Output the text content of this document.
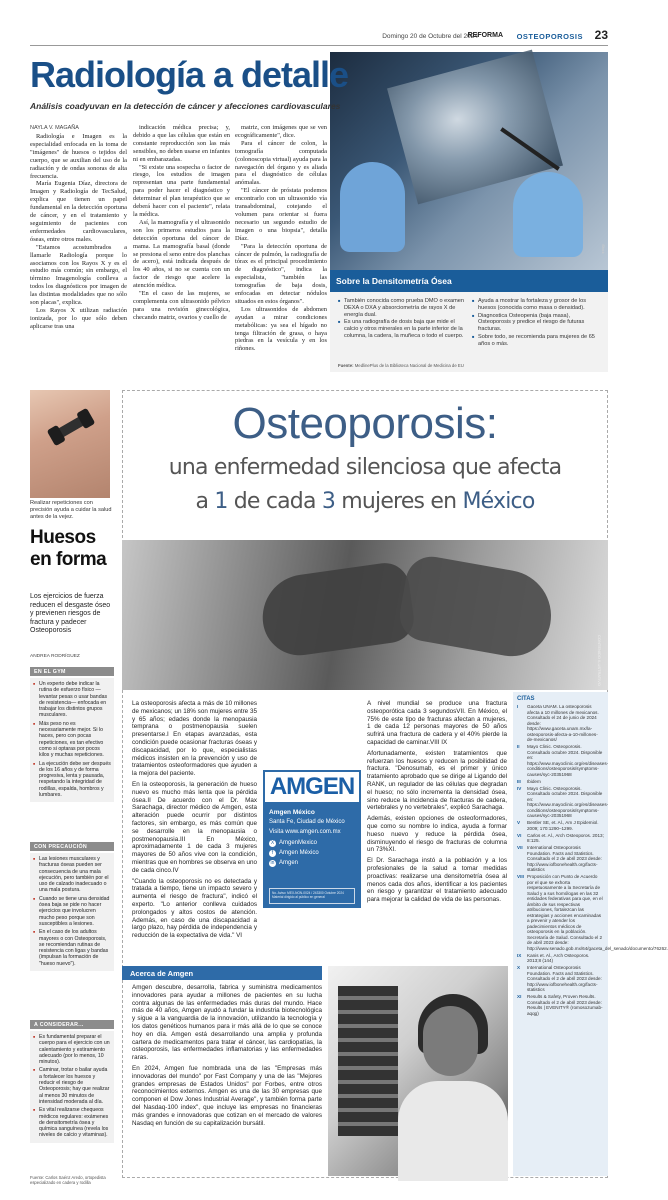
Domingo 20 de Octubre del 2024
REFORMA OSTEOPOROSIS 23
iStock
Radiología a detalle
Análisis coadyuvan en la detección de cáncer y afecciones cardiovasculares
NAYLA V. MAGAÑA

Radiología e Imagen es la especialidad enfocada en la toma de "imágenes" de huesos o tejidos del cuerpo, que se auxilian del uso de la radiación y de ondas sonoras de alta frecuencia.

María Eugenia Díaz, directora de Imagen y Radiología de TecSalud, explica que tienen un papel fundamental en la detección oportuna de cáncer, y en el tratamiento y seguimiento de pacientes con enfermedades cardiovasculares, óseas, entre otros males.

"Estamos acostumbrados a llamarle Radiología porque lo asociamos con los Rayos X y es el estudio más común; sin embargo, el término Imagenología conlleva a todos los diagnósticos por imagen de las distintas modalidades que no sólo son placas", explica.

Los Rayos X utilizan radiación ionizada, por lo que sólo deben aplicarse tras una

indicación médica precisa; y, debido a que las células que están en constante reproducción son las más sensibles, no deben usarse en infantes ni en embarazadas.

"Si existe una sospecha o factor de riesgo, los estudios de imagen representan una parte fundamental para poder hacer el diagnóstico y determinar el plan terapéutico que se deberá hacer con el paciente", relata la médica.

Así, la mamografía y el ultrasonido son los primeros estudios para la detección oportuna del cáncer de mama. La mamografía basal (donde se presiona el seno entre dos planchas de acero), está indicada después de los 40 años, si no se cuenta con un factor de riesgo que acelere la atención médica.

"En el caso de las mujeres, se complementa con ultrasonido pélvico para una revisión ginecológica, checando matriz, ovarios y cuello de

matriz, con imágenes que se ven ecográficamente", dice.

Para el cáncer de colon, la tomografía computada (colonoscopia virtual) ayuda para la navegación del órgano y es aliada para el diagnóstico de células anómalas.

"El cáncer de próstata podemos encontrarlo con un ultrasonido vía transabdominal, cotejando el volumen para orientar si fuera necesario un segundo estudio de imagen o una biopsia", detalla Díaz.

"Para la detección oportuna de cáncer de pulmón, la radiografía de tórax es el principal procedimiento de diagnóstico", indica la especialista, "también las tomografías de baja dosis, enfocadas en detectar nódulos situados en estos órganos".

Los ultrasonidos de abdomen ayudan a mirar condiciones metabólicas: ya sea el hígado no tenga filtración de grasa, o haya piedras en la vesícula y en los riñones.

Sobre la Densitometría Ósea
■ También conocida como prueba DMO o examen DEXA o DXA y absorciometría de rayos X de energía dual.
■ Es una radiografía de dosis baja que mide el calcio y otros minerales en la parte inferior de la columna, la cadera, la muñeca o todo el cuerpo.
■ Ayuda a mostrar la fortaleza y grosor de los huesos (conocida como masa o densidad).
■ Diagnostica Osteopenia (baja masa), Osteoporosis y predice el riesgo de futuras fracturas.
■ Sobre todo, se recomienda para mujeres de 65 años o más.
Fuente: MedlinePlus de la Biblioteca Nacional de Medicina de EU
Realizar repeticiones con precisión ayuda a cuidar la salud antes de la vejez.
Huesos
en forma
Los ejercicios de fuerza reducen el desgaste óseo y previenen riesgos de fractura y padecer Osteoporosis
ANDREA RODRÍGUEZ
EN EL GYM
■ Un experto debe indicar la rutina de esfuerzo físico —levantar pesas o usar bandas de resistencia— enfocada en trabajar los distintos grupos musculares.
■ Más peso no es necesariamente mejor. Si lo haces, pero con pocas repeticiones, es tan efectivo como si optaras por pocos kilos y muchas repeticiones.
■ La ejecución debe ser después de los 16 años y de forma progresiva, lenta y pausada, respetando la integridad de rodillas, espalda, hombros y lumbares.
CON PRECAUCIÓN
■ Las lesiones musculares y fracturas óseas pueden ser consecuencia de una mala ejecución, pero también por el uso de calzado inadecuado o una mala postura.
■ Cuando se tiene una densidad ósea baja se pide no hacer ejercicios que involucren mucho peso porque son susceptibles a lesiones.
■ En el caso de los adultos mayores o con Osteoporosis, se recomiendan rutinas de resistencia con ligas y bandas (impulsan la formación de "hueso nuevo").
A CONSIDERAR...
■ Es fundamental preparar el cuerpo para el ejercicio con un calentamiento y estiramiento adecuado (por lo menos, 10 minutos).
■ Caminar, trotar o bailar ayuda a fortalecer los huesos y reducir el riesgo de Osteoporosis; hay que realizar al menos 30 minutos de intensidad moderada al día.
■ Es vital realizarse chequeos médicos regulares: exámenes de densitometría ósea y química sanguínea (revela los niveles de calcio y vitaminas).
Fuente: Carlos Saénz Aredo, ortopedista especializado en cadera y rodilla
Osteoporosis:
una enfermedad silenciosa que afecta
a 1 de cada 3 mujeres en México
CONTENIDO ILUSTRATIVO

La osteoporosis afecta a más de 10 millones de mexicanos; un 18% son mujeres entre 35 y 65 años; edades donde la menopausia temprana o postmenopausia suelen presentarse.I En etapas avanzadas, esta condición puede ocasionar fracturas óseas y discapacidad, por lo que, especialistas médicos insisten en la prevención y uso de tratamientos osteoformadores que ayuden a la mejora del paciente.

En la osteoporosis, la generación de hueso nuevo es mucho más lenta que la pérdida ósea.II De acuerdo con el Dr. Max Sarachaga, director médico de Amgen, esta alteración puede ocurrir por distintos factores, sin embargo, es más común que se desarrolle en la menopausia o postmenopausia.III En México, aproximadamente 1 de cada 3 mujeres mayores de 50 años vive con la condición, mientras que en hombres se observa en uno de cada cinco.IV

"Cuando la osteoporosis no es detectada y tratada a tiempo, tiene un impacto severo y aumenta el riesgo de fractura", indicó el experto. "Lo anterior conlleva cuidados prolongados y altos costos de atención. Además, en caso de una discapacidad a largo plazo, hay pérdida de independencia y reducción de la expectativa de vida." VI

AMGEN
Amgen México
Santa Fe, Ciudad de México
Visita www.amgen.com.mx
X AmgenMexico
f Amgen México
in Amgen
No. Aviso: MEX-NON-0024 / 243300 Octubre 2024 Material dirigido al público en general

A nivel mundial se produce una fractura osteoporótica cada 3 segundosVII. En México, el 75% de este tipo de fracturas afectan a mujeres, 1 de cada 12 personas mayores de 50 años sufrirá una fractura de cadera y el 40% pierde la capacidad de caminar.VIII IX

Afortunadamente, existen tratamientos que refuerzan los huesos y reducen la posibilidad de fractura. "Denosumab, es el primer y único tratamiento aprobado que se dirige al Ligando del RANK, un regulador de las células que degradan el hueso; no sólo incrementa la densidad ósea, sino reduce la incidencia de fracturas de cadera, vertebrales y no vertebrales", explicó Sarachaga.

Además, existen opciones de osteoformadores, que como su nombre lo indica, ayuda a formar hueso nuevo y reduce la pérdida ósea, disminuyendo el riesgo de fracturas de columna un 73%XI.

El Dr. Sarachaga instó a la población y a los profesionales de la salud a tomar medidas proactivas: realizarse una densitometría ósea al menos cada dos años, identificar a los pacientes en riesgo y garantizar el tratamiento adecuado para mejorar la calidad de vida de las personas.

Acerca de Amgen

Amgen descubre, desarrolla, fabrica y suministra medicamentos innovadores para ayudar a millones de pacientes en su lucha contra algunas de las enfermedades más duras del mundo. Hace más de 40 años, Amgen ayudó a fundar la industria biotecnológica y sigue a la vanguardia de la innovación, utilizando la tecnología y los datos genéticos humanos para ir más allá de lo que se conoce hoy en día. Amgen está desarrollando una amplia y profunda cartera de medicamentos para tratar el cáncer, las cardiopatías, la osteoporosis, las enfermedades inflamatorias y las enfermedades raras.

En 2024, Amgen fue nombrada una de las "Empresas más innovadoras del mundo" por Fast Company y una de las "Mejores grandes empresas de Estados Unidos" por Forbes, entre otros reconocimientos externos. Amgen es una de las 30 empresas que componen el Dow Jones Industrial Average", y también forma parte del Nasdaq-100 index", que incluye las empresas no financieras más grandes e innovadoras que cotizan en el mercado de valores Nasdaq en función de su capitalización bursátil.

CITAS
I Gaceta UNAM. La osteoporosis afecta a 10 millones de mexicanos. Consultado el 24 de junio de 2024 desde: https://www.gaceta.unam.mx/la-osteoporosis-afecta-a-10-millones-de-mexicanos/
II Mayo Clinic. Osteoporosis. Consultado octubre 2024. Disponible en: https://www.mayoclinic.org/es/diseases-conditions/osteoporosis/symptoms-causes/syc-20351968
III Ibidem
IV Mayo Clinic. Osteoporosis. Consultado octubre 2024. Disponible en: https://www.mayoclinic.org/es/diseases-conditions/osteoporosis/symptoms-causes/syc-20351968
V Bentler SE, et. Al., Am J Epidemiol. 2009; 170:1290–1299.
VI Carlos et. Al., Arch Osteoporos. 2013; 8:125.
VII International Osteoporosis Foundation. Facts and Statistics. Consultado el 2 de abril 2023 desde: http://www.iofbonehealth.org/facts-statistics
VIII Proposición con Punto de Acuerdo por el que se exhorta respetuosamente a la Secretaría de Salud y a sus homólogas en las 32 entidades federativas para que, en el ámbito de sus respectivas atribuciones, fortalezcan las estrategias y acciones encaminadas a prevenir y atender los padecimientos médicos de osteoporosis en la población. Secretaría de Salud. Consultado el 2 de abril 2023 desde: http://www.senado.gob.mx/64/gaceta_del_senado/documento/76262.
IX Kanis et. Al., Arch Osteoporos. 2013;8 (144)
X International Osteoporosis Foundation. Facts and Statistics. Consultado el 2 de abril 2023 desde: http://www.iofbonehealth.org/facts-statistics
XI Results & Safety, Proven Results. Consultado el 2 de abril 2023 desde: Results | EVENITY® (romosozumab-aqqg)
